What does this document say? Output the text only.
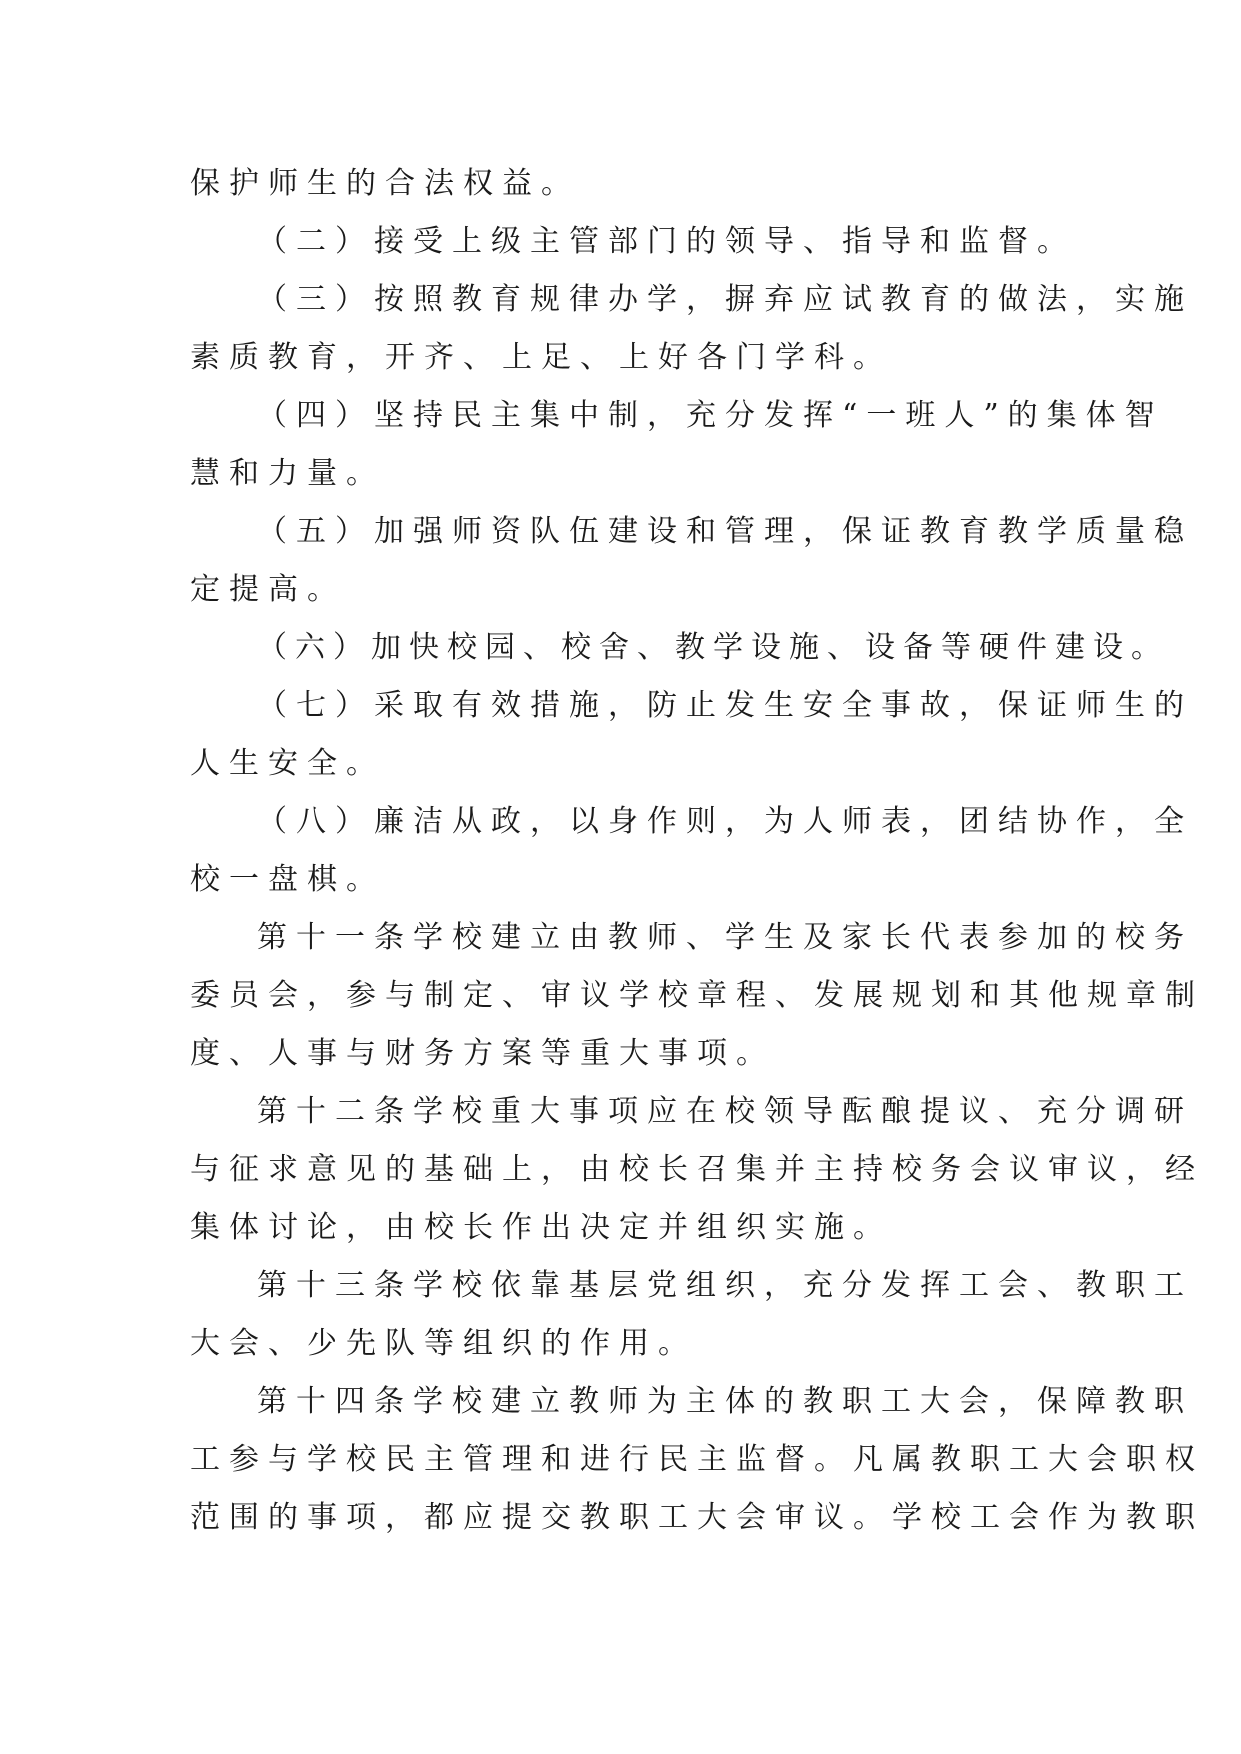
保护师生的合法权益。
（二）接受上级主管部门的领导、指导和监督。
（三）按照教育规律办学，摒弃应试教育的做法，实施
素质教育，开齐、上足、上好各门学科。
（四）坚持民主集中制，充分发挥“一班人”的集体智
慧和力量。
（五）加强师资队伍建设和管理，保证教育教学质量稳
定提高。
（六）加快校园、校舍、教学设施、设备等硬件建设。
（七）采取有效措施，防止发生安全事故，保证师生的
人生安全。
（八）廉洁从政，以身作则，为人师表，团结协作，全
校一盘棋。
第十一条学校建立由教师、学生及家长代表参加的校务
委员会，参与制定、审议学校章程、发展规划和其他规章制
度、人事与财务方案等重大事项。
第十二条学校重大事项应在校领导酝酿提议、充分调研
与征求意见的基础上，由校长召集并主持校务会议审议，经
集体讨论，由校长作出决定并组织实施。
第十三条学校依靠基层党组织，充分发挥工会、教职工
大会、少先队等组织的作用。
第十四条学校建立教师为主体的教职工大会，保障教职
工参与学校民主管理和进行民主监督。凡属教职工大会职权
范围的事项，都应提交教职工大会审议。学校工会作为教职
